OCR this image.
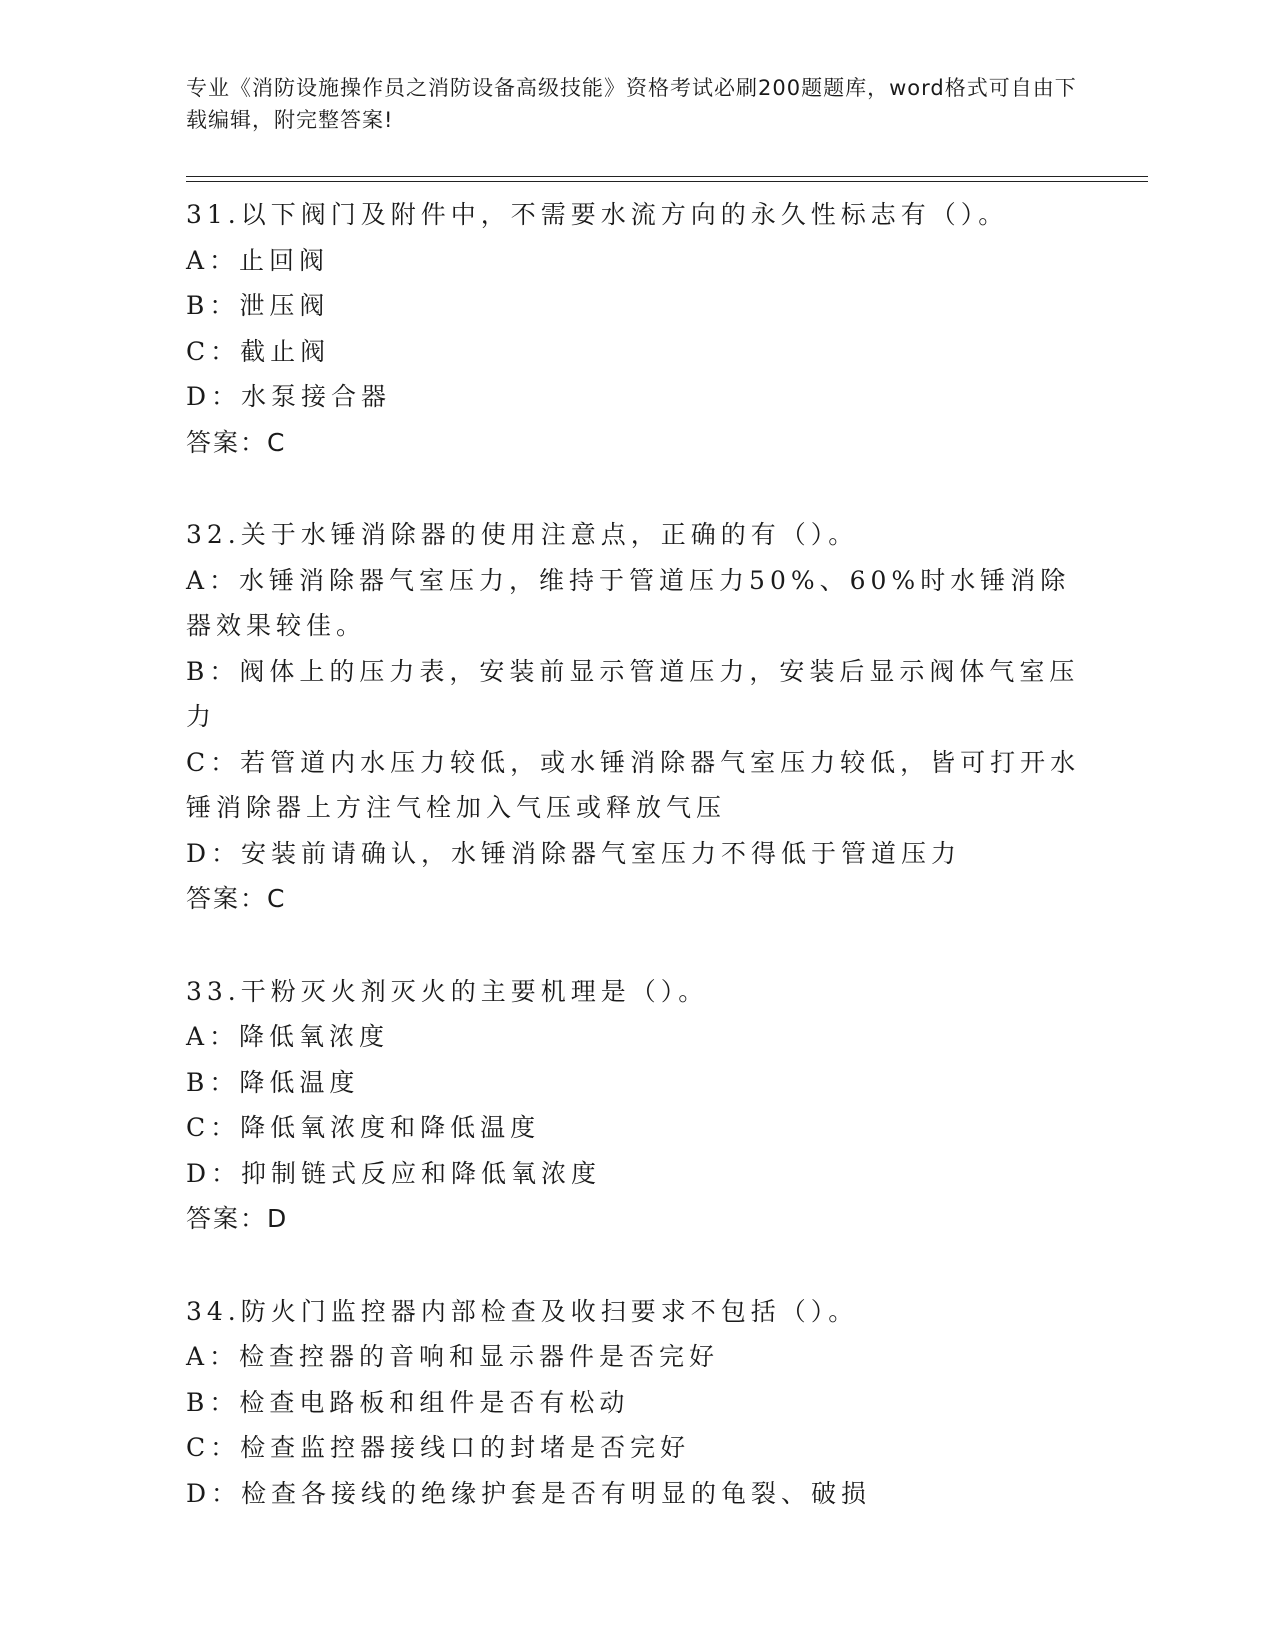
专业《消防设施操作员之消防设备高级技能》资格考试必刷200题题库，word格式可自由下载编辑，附完整答案!
31.以下阀门及附件中，不需要水流方向的永久性标志有（）。
A：止回阀
B：泄压阀
C：截止阀
D：水泵接合器
答案：C
32.关于水锤消除器的使用注意点，正确的有（）。
A：水锤消除器气室压力，维持于管道压力50%、60%时水锤消除器效果较佳。
B：阀体上的压力表，安装前显示管道压力，安装后显示阀体气室压力
C：若管道内水压力较低，或水锤消除器气室压力较低，皆可打开水锤消除器上方注气栓加入气压或释放气压
D：安装前请确认，水锤消除器气室压力不得低于管道压力
答案：C
33.干粉灭火剂灭火的主要机理是（）。
A：降低氧浓度
B：降低温度
C：降低氧浓度和降低温度
D：抑制链式反应和降低氧浓度
答案：D
34.防火门监控器内部检查及收扫要求不包括（）。
A：检查控器的音响和显示器件是否完好
B：检查电路板和组件是否有松动
C：检查监控器接线口的封堵是否完好
D：检查各接线的绝缘护套是否有明显的龟裂、破损
